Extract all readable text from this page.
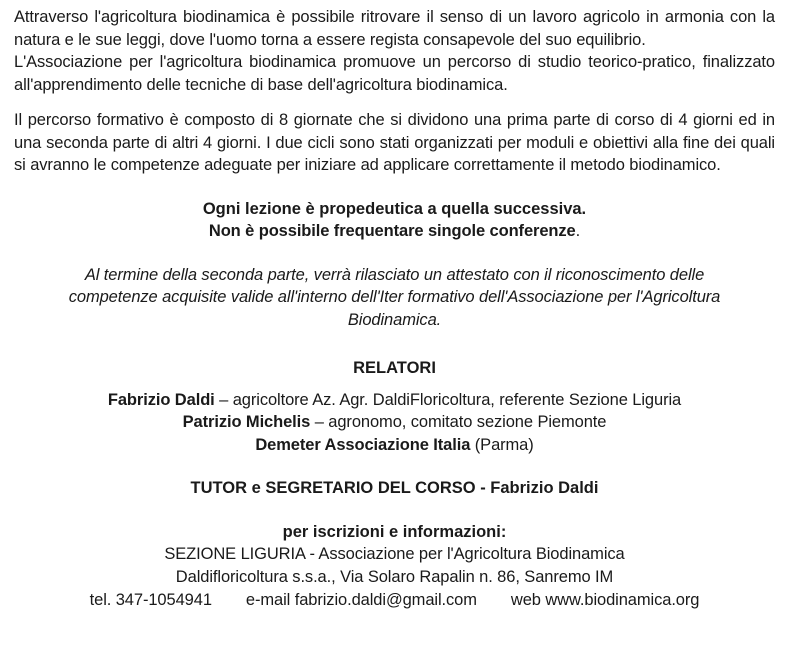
Attraverso l'agricoltura biodinamica è possibile ritrovare il senso di un lavoro agricolo in armonia con la natura e le sue leggi, dove l'uomo torna a essere regista consapevole del suo equilibrio.

L'Associazione per l'agricoltura biodinamica promuove un percorso di studio teorico-pratico, finalizzato all'apprendimento delle tecniche di base dell'agricoltura biodinamica.

Il percorso formativo è composto di 8 giornate che si dividono una prima parte di corso di 4 giorni ed in una seconda parte di altri 4 giorni. I due cicli sono stati organizzati per moduli e obiettivi alla fine dei quali si avranno le competenze adeguate per iniziare ad applicare correttamente il metodo biodinamico.

Ogni lezione è propedeutica a quella successiva.

Non è possibile frequentare singole conferenze.

Al termine della seconda parte, verrà rilasciato un attestato con il riconoscimento delle competenze acquisite valide all'interno dell'Iter formativo dell'Associazione per l'Agricoltura Biodinamica.

RELATORI

Fabrizio Daldi – agricoltore Az. Agr. DaldiFloricoltura, referente Sezione Liguria

Patrizio Michelis – agronomo, comitato sezione Piemonte

Demeter Associazione Italia (Parma)

TUTOR e SEGRETARIO DEL CORSO - Fabrizio Daldi

per iscrizioni e informazioni:

SEZIONE LIGURIA - Associazione per l'Agricoltura Biodinamica

Daldifloricoltura s.s.a., Via Solaro Rapalin n. 86, Sanremo IM

tel. 347-1054941 e-mail fabrizio.daldi@gmail.com web www.biodinamica.org
